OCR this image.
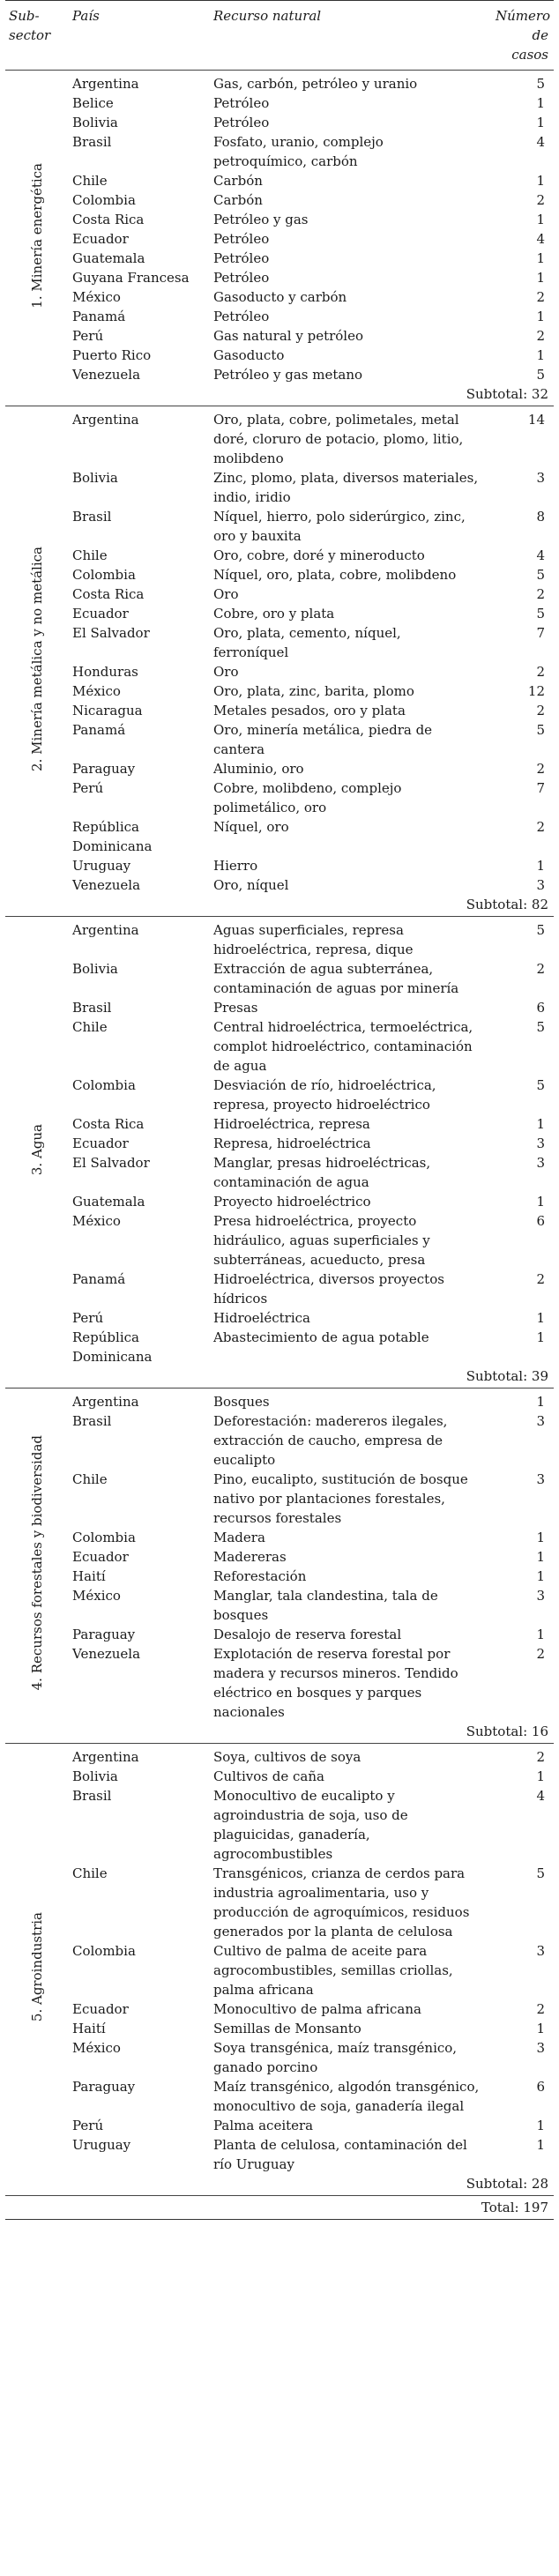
Sub-sector	País	Recurso natural	Número de casos
1. Minería energética	Argentina	Gas, carbón, petróleo y uranio	5
	Belice	Petróleo	1
	Bolivia	Petróleo	1
	Brasil	Fosfato, uranio, complejo petroquímico, carbón	4
	Chile	Carbón	1
	Colombia	Carbón	2
	Costa Rica	Petróleo y gas	1
	Ecuador	Petróleo	4
	Guatemala	Petróleo	1
	Guyana Francesa	Petróleo	1
	México	Gasoducto y carbón	2
	Panamá	Petróleo	1
	Perú	Gas natural y petróleo	2
	Puerto Rico	Gasoducto	1
	Venezuela	Petróleo y gas metano	5
	Subtotal: 32		
2. Minería metálica y no metálica	Argentina	Oro, plata, cobre, polimetales, metal doré, cloruro de potacio, plomo, litio, molibdeno	14
	Bolivia	Zinc, plomo, plata, diversos materiales, indio, iridio	3
	Brasil	Níquel, hierro, polo siderúrgico, zinc, oro y bauxita	8
	Chile	Oro, cobre, doré y mineroducto	4
	Colombia	Níquel, oro, plata, cobre, molibdeno	5
	Costa Rica	Oro	2
	Ecuador	Cobre, oro y plata	5
	El Salvador	Oro, plata, cemento, níquel, ferroníquel	7
	Honduras	Oro	2
	México	Oro, plata, zinc, barita, plomo	12
	Nicaragua	Metales pesados, oro y plata	2
	Panamá	Oro, minería metálica, piedra de cantera	5
	Paraguay	Aluminio, oro	2
	Perú	Cobre, molibdeno, complejo polimetálico, oro	7
	República Dominicana	Níquel, oro	2
	Uruguay	Hierro	1
	Venezuela	Oro, níquel	3
	Subtotal: 82		
3. Agua	Argentina	Aguas superficiales, represa hidroeléctrica, represa, dique	5
	Bolivia	Extracción de agua subterránea, contaminación de aguas por minería	2
	Brasil	Presas	6
	Chile	Central hidroeléctrica, termoeléctrica, complot hidroeléctrico, contaminación de agua	5
	Colombia	Desviación de río, hidroeléctrica, represa, proyecto hidroeléctrico	5
	Costa Rica	Hidroeléctrica, represa	1
	Ecuador	Represa, hidroeléctrica	3
	El Salvador	Manglar, presas hidroeléctricas, contaminación de agua	3
	Guatemala	Proyecto hidroeléctrico	1
	México	Presa hidroeléctrica, proyecto hidráulico, aguas superficiales y subterráneas, acueducto, presa	6
	Panamá	Hidroeléctrica, diversos proyectos hídricos	2
	Perú	Hidroeléctrica	1
	República Dominicana	Abastecimiento de agua potable	1
	Subtotal: 39		
4. Recursos forestales y biodiversidad	Argentina	Bosques	1
	Brasil	Deforestación: madereros ilegales, extracción de caucho, empresa de eucalipto	3
	Chile	Pino, eucalipto, sustitución de bosque nativo por plantaciones forestales, recursos forestales	3
	Colombia	Madera	1
	Ecuador	Madereras	1
	Haití	Reforestación	1
	México	Manglar, tala clandestina, tala de bosques	3
	Paraguay	Desalojo de reserva forestal	1
	Venezuela	Explotación de reserva forestal por madera y recursos mineros. Tendido eléctrico en bosques y parques nacionales	2
	Subtotal: 16		
5. Agroindustria	Argentina	Soya, cultivos de soya	2
	Bolivia	Cultivos de caña	1
	Brasil	Monocultivo de eucalipto y agroindustria de soja, uso de plaguicidas, ganadería, agrocombustibles	4
	Chile	Transgénicos, crianza de cerdos para industria agroalimentaria, uso y producción de agroquímicos, residuos generados por la planta de celulosa	5
	Colombia	Cultivo de palma de aceite para agrocombustibles, semillas criollas, palma africana	3
	Ecuador	Monocultivo de palma africana	2
	Haití	Semillas de Monsanto	1
	México	Soya transgénica, maíz transgénico, ganado porcino	3
	Paraguay	Maíz transgénico, algodón transgénico, monocultivo de soja, ganadería ilegal	6
	Perú	Palma aceitera	1
	Uruguay	Planta de celulosa, contaminación del río Uruguay	1
	Subtotal: 28		
Total: 197			
